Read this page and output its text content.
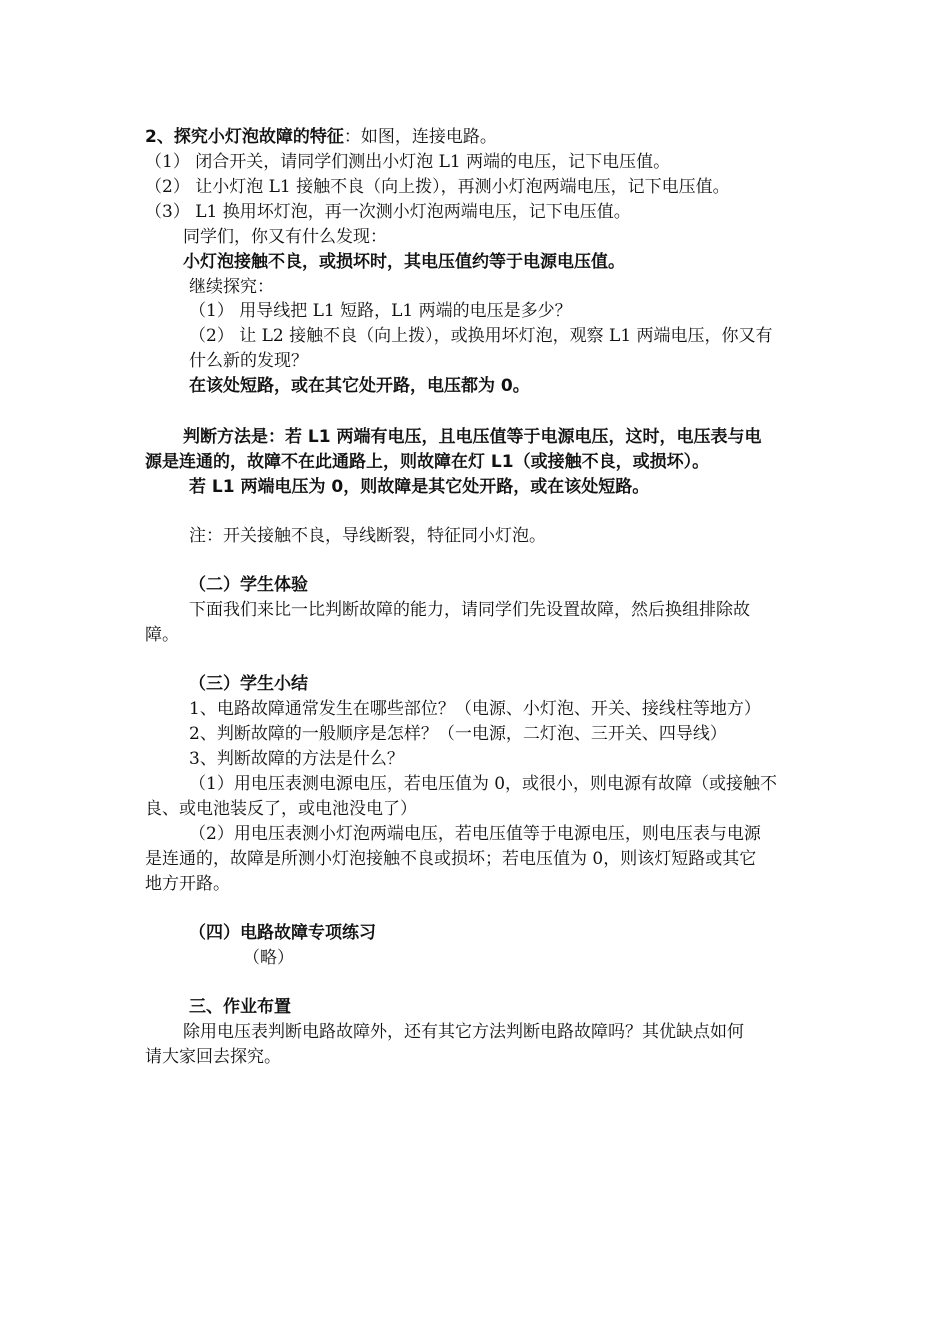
2、探究小灯泡故障的特征：如图，连接电路。
（1） 闭合开关，请同学们测出小灯泡 L1 两端的电压，记下电压值。
（2） 让小灯泡 L1 接触不良（向上拨），再测小灯泡两端电压，记下电压值。
（3） L1 换用坏灯泡，再一次测小灯泡两端电压，记下电压值。
同学们，你又有什么发现：
小灯泡接触不良，或损坏时，其电压值约等于电源电压值。
继续探究：
（1） 用导线把 L1 短路，L1 两端的电压是多少？
（2） 让 L2 接触不良（向上拨），或换用坏灯泡，观察 L1 两端电压，你又有
什么新的发现？
在该处短路，或在其它处开路，电压都为 0。
判断方法是：若 L1 两端有电压，且电压值等于电源电压，这时，电压表与电
源是连通的，故障不在此通路上，则故障在灯 L1（或接触不良，或损坏）。
若 L1 两端电压为 0，则故障是其它处开路，或在该处短路。
注：开关接触不良，导线断裂，特征同小灯泡。
（二）学生体验
下面我们来比一比判断故障的能力，请同学们先设置故障，然后换组排除故
障。
（三）学生小结
1、电路故障通常发生在哪些部位？（电源、小灯泡、开关、接线柱等地方）
2、判断故障的一般顺序是怎样？（一电源，二灯泡、三开关、四导线）
3、判断故障的方法是什么？
（1）用电压表测电源电压，若电压值为 0，或很小，则电源有故障（或接触不
良、或电池装反了，或电池没电了）
（2）用电压表测小灯泡两端电压，若电压值等于电源电压，则电压表与电源
是连通的，故障是所测小灯泡接触不良或损坏；若电压值为 0，则该灯短路或其它
地方开路。
（四）电路故障专项练习
（略）
三、作业布置
除用电压表判断电路故障外，还有其它方法判断电路故障吗？其优缺点如何
请大家回去探究。
